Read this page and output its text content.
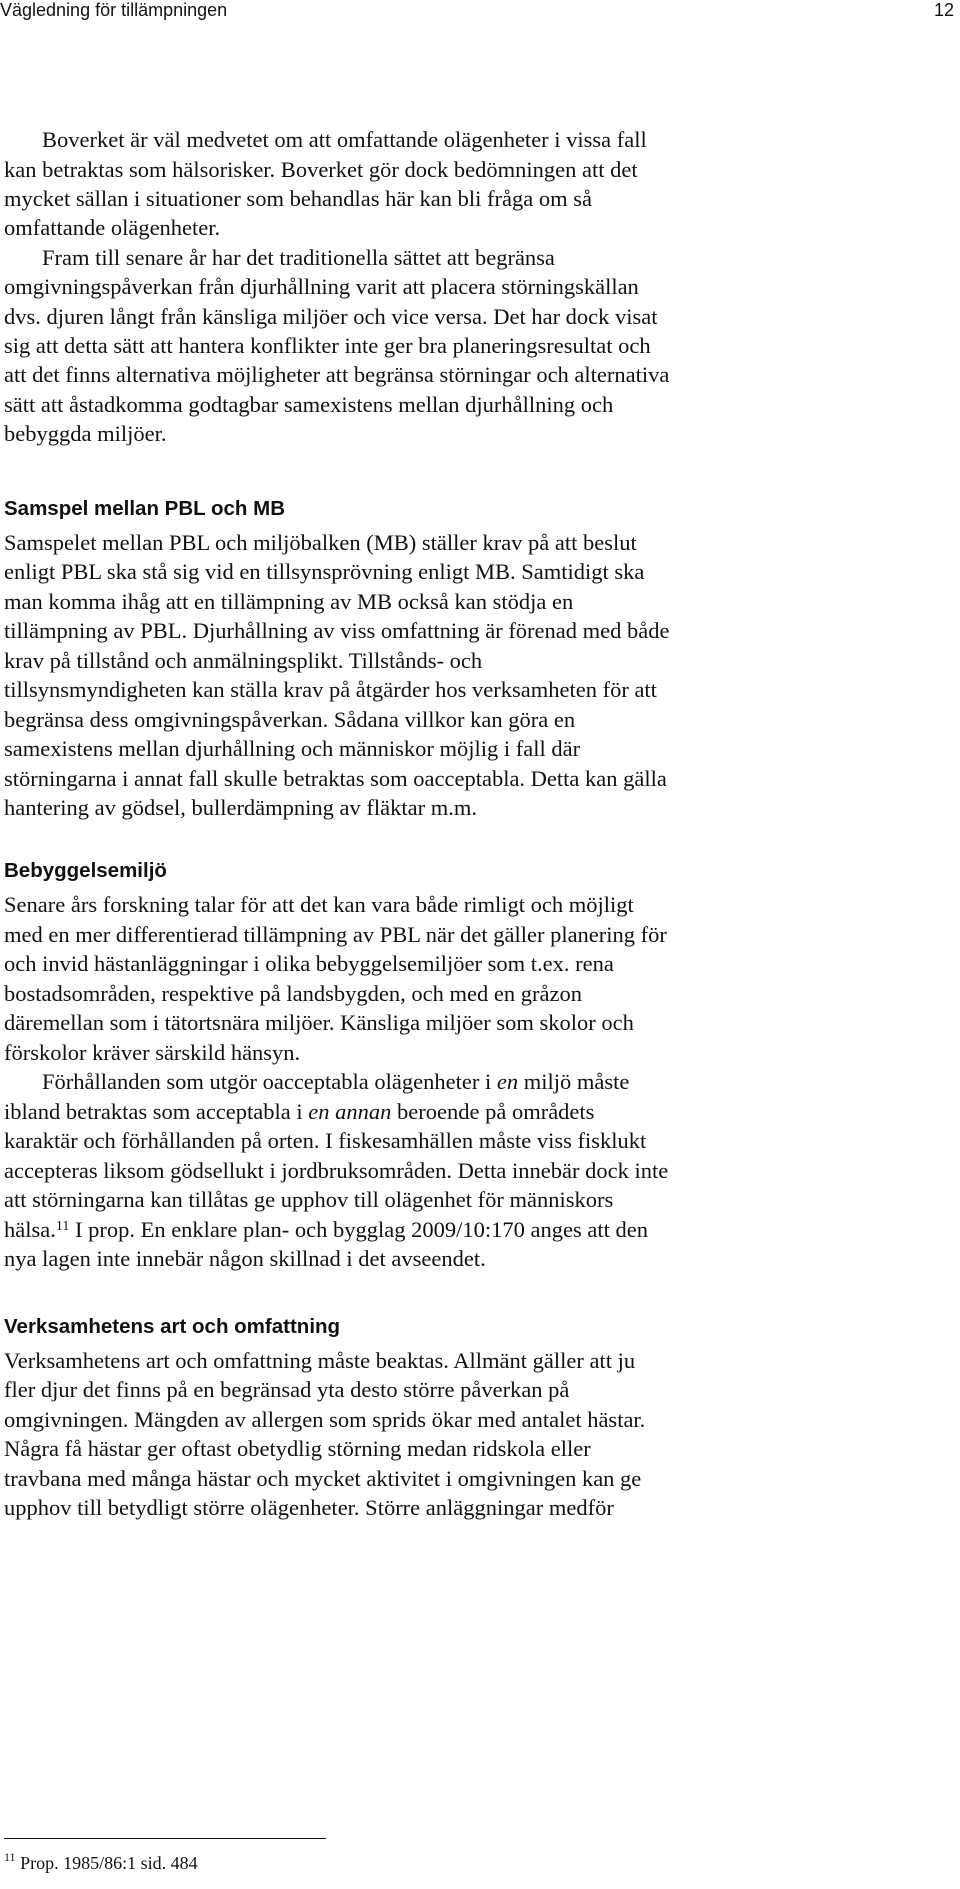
Vägledning för tillämpningen	12
Boverket är väl medvetet om att omfattande olägenheter i vissa fall
kan betraktas som hälsorisker. Boverket gör dock bedömningen att det
mycket sällan i situationer som behandlas här kan bli fråga om så
omfattande olägenheter.
Fram till senare år har det traditionella sättet att begränsa
omgivningspåverkan från djurhållning varit att placera störningskällan
dvs. djuren långt från känsliga miljöer och vice versa. Det har dock visat
sig att detta sätt att hantera konflikter inte ger bra planeringsresultat och
att det finns alternativa möjligheter att begränsa störningar och alternativa
sätt att åstadkomma godtagbar samexistens mellan djurhållning och
bebyggda miljöer.
Samspel mellan PBL och MB
Samspelet mellan PBL och miljöbalken (MB) ställer krav på att beslut
enligt PBL ska stå sig vid en tillsynsprövning enligt MB. Samtidigt ska
man komma ihåg att en tillämpning av MB också kan stödja en
tillämpning av PBL. Djurhållning av viss omfattning är förenad med både
krav på tillstånd och anmälningsplikt. Tillstånds- och
tillsynsmyndigheten kan ställa krav på åtgärder hos verksamheten för att
begränsa dess omgivningspåverkan. Sådana villkor kan göra en
samexistens mellan djurhållning och människor möjlig i fall där
störningarna i annat fall skulle betraktas som oacceptabla. Detta kan gälla
hantering av gödsel, bullerdämpning av fläktar m.m.
Bebyggelsemiljö
Senare års forskning talar för att det kan vara både rimligt och möjligt
med en mer differentierad tillämpning av PBL när det gäller planering för
och invid hästanläggningar i olika bebyggelsemiljöer som t.ex. rena
bostadsområden, respektive på landsbygden, och med en gråzon
däremellan som i tätortsnära miljöer. Känsliga miljöer som skolor och
förskolor kräver särskild hänsyn.
Förhållanden som utgör oacceptabla olägenheter i en miljö måste
ibland betraktas som acceptabla i en annan beroende på områdets
karaktär och förhållanden på orten. I fiskesamhällen måste viss fisklukt
accepteras liksom gödsellukt i jordbruksområden. Detta innebär dock inte
att störningarna kan tillåtas ge upphov till olägenhet för människors
hälsa.$^{11}$ I prop. En enklare plan- och bygglag 2009/10:170 anges att den
nya lagen inte innebär någon skillnad i det avseendet.
Verksamhetens art och omfattning
Verksamhetens art och omfattning måste beaktas. Allmänt gäller att ju
fler djur det finns på en begränsad yta desto större påverkan på
omgivningen. Mängden av allergen som sprids ökar med antalet hästar.
Några få hästar ger oftast obetydlig störning medan ridskola eller
travbana med många hästar och mycket aktivitet i omgivningen kan ge
upphov till betydligt större olägenheter. Större anläggningar medför
$^{11}$ Prop. 1985/86:1 sid. 484
